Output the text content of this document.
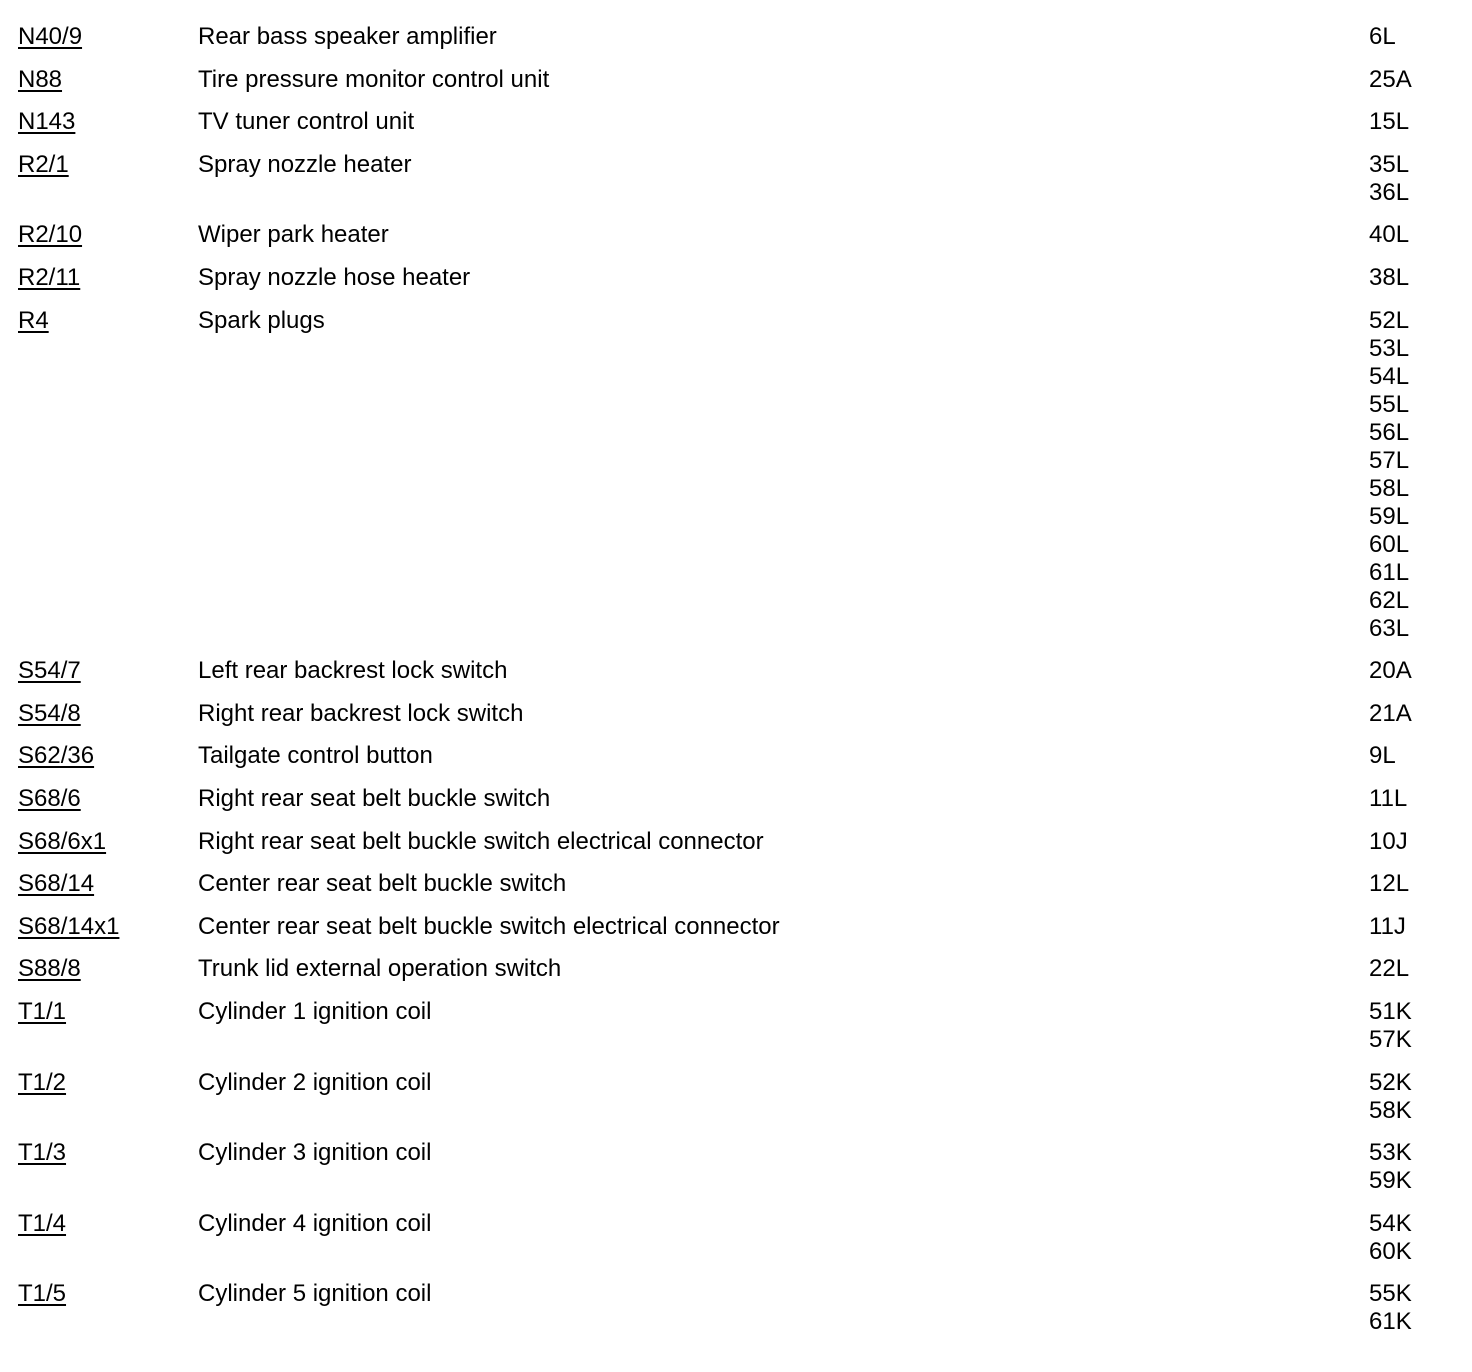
N40/9	Rear bass speaker amplifier	6L
N88	Tire pressure monitor control unit	25A
N143	TV tuner control unit	15L
R2/1	Spray nozzle heater	35L
36L
R2/10	Wiper park heater	40L
R2/11	Spray nozzle hose heater	38L
R4	Spark plugs	52L
53L
54L
55L
56L
57L
58L
59L
60L
61L
62L
63L
S54/7	Left rear backrest lock switch	20A
S54/8	Right rear backrest lock switch	21A
S62/36	Tailgate control button	9L
S68/6	Right rear seat belt buckle switch	11L
S68/6x1	Right rear seat belt buckle switch electrical connector	10J
S68/14	Center rear seat belt buckle switch	12L
S68/14x1	Center rear seat belt buckle switch electrical connector	11J
S88/8	Trunk lid external operation switch	22L
T1/1	Cylinder 1 ignition coil	51K
57K
T1/2	Cylinder 2 ignition coil	52K
58K
T1/3	Cylinder 3 ignition coil	53K
59K
T1/4	Cylinder 4 ignition coil	54K
60K
T1/5	Cylinder 5 ignition coil	55K
61K
